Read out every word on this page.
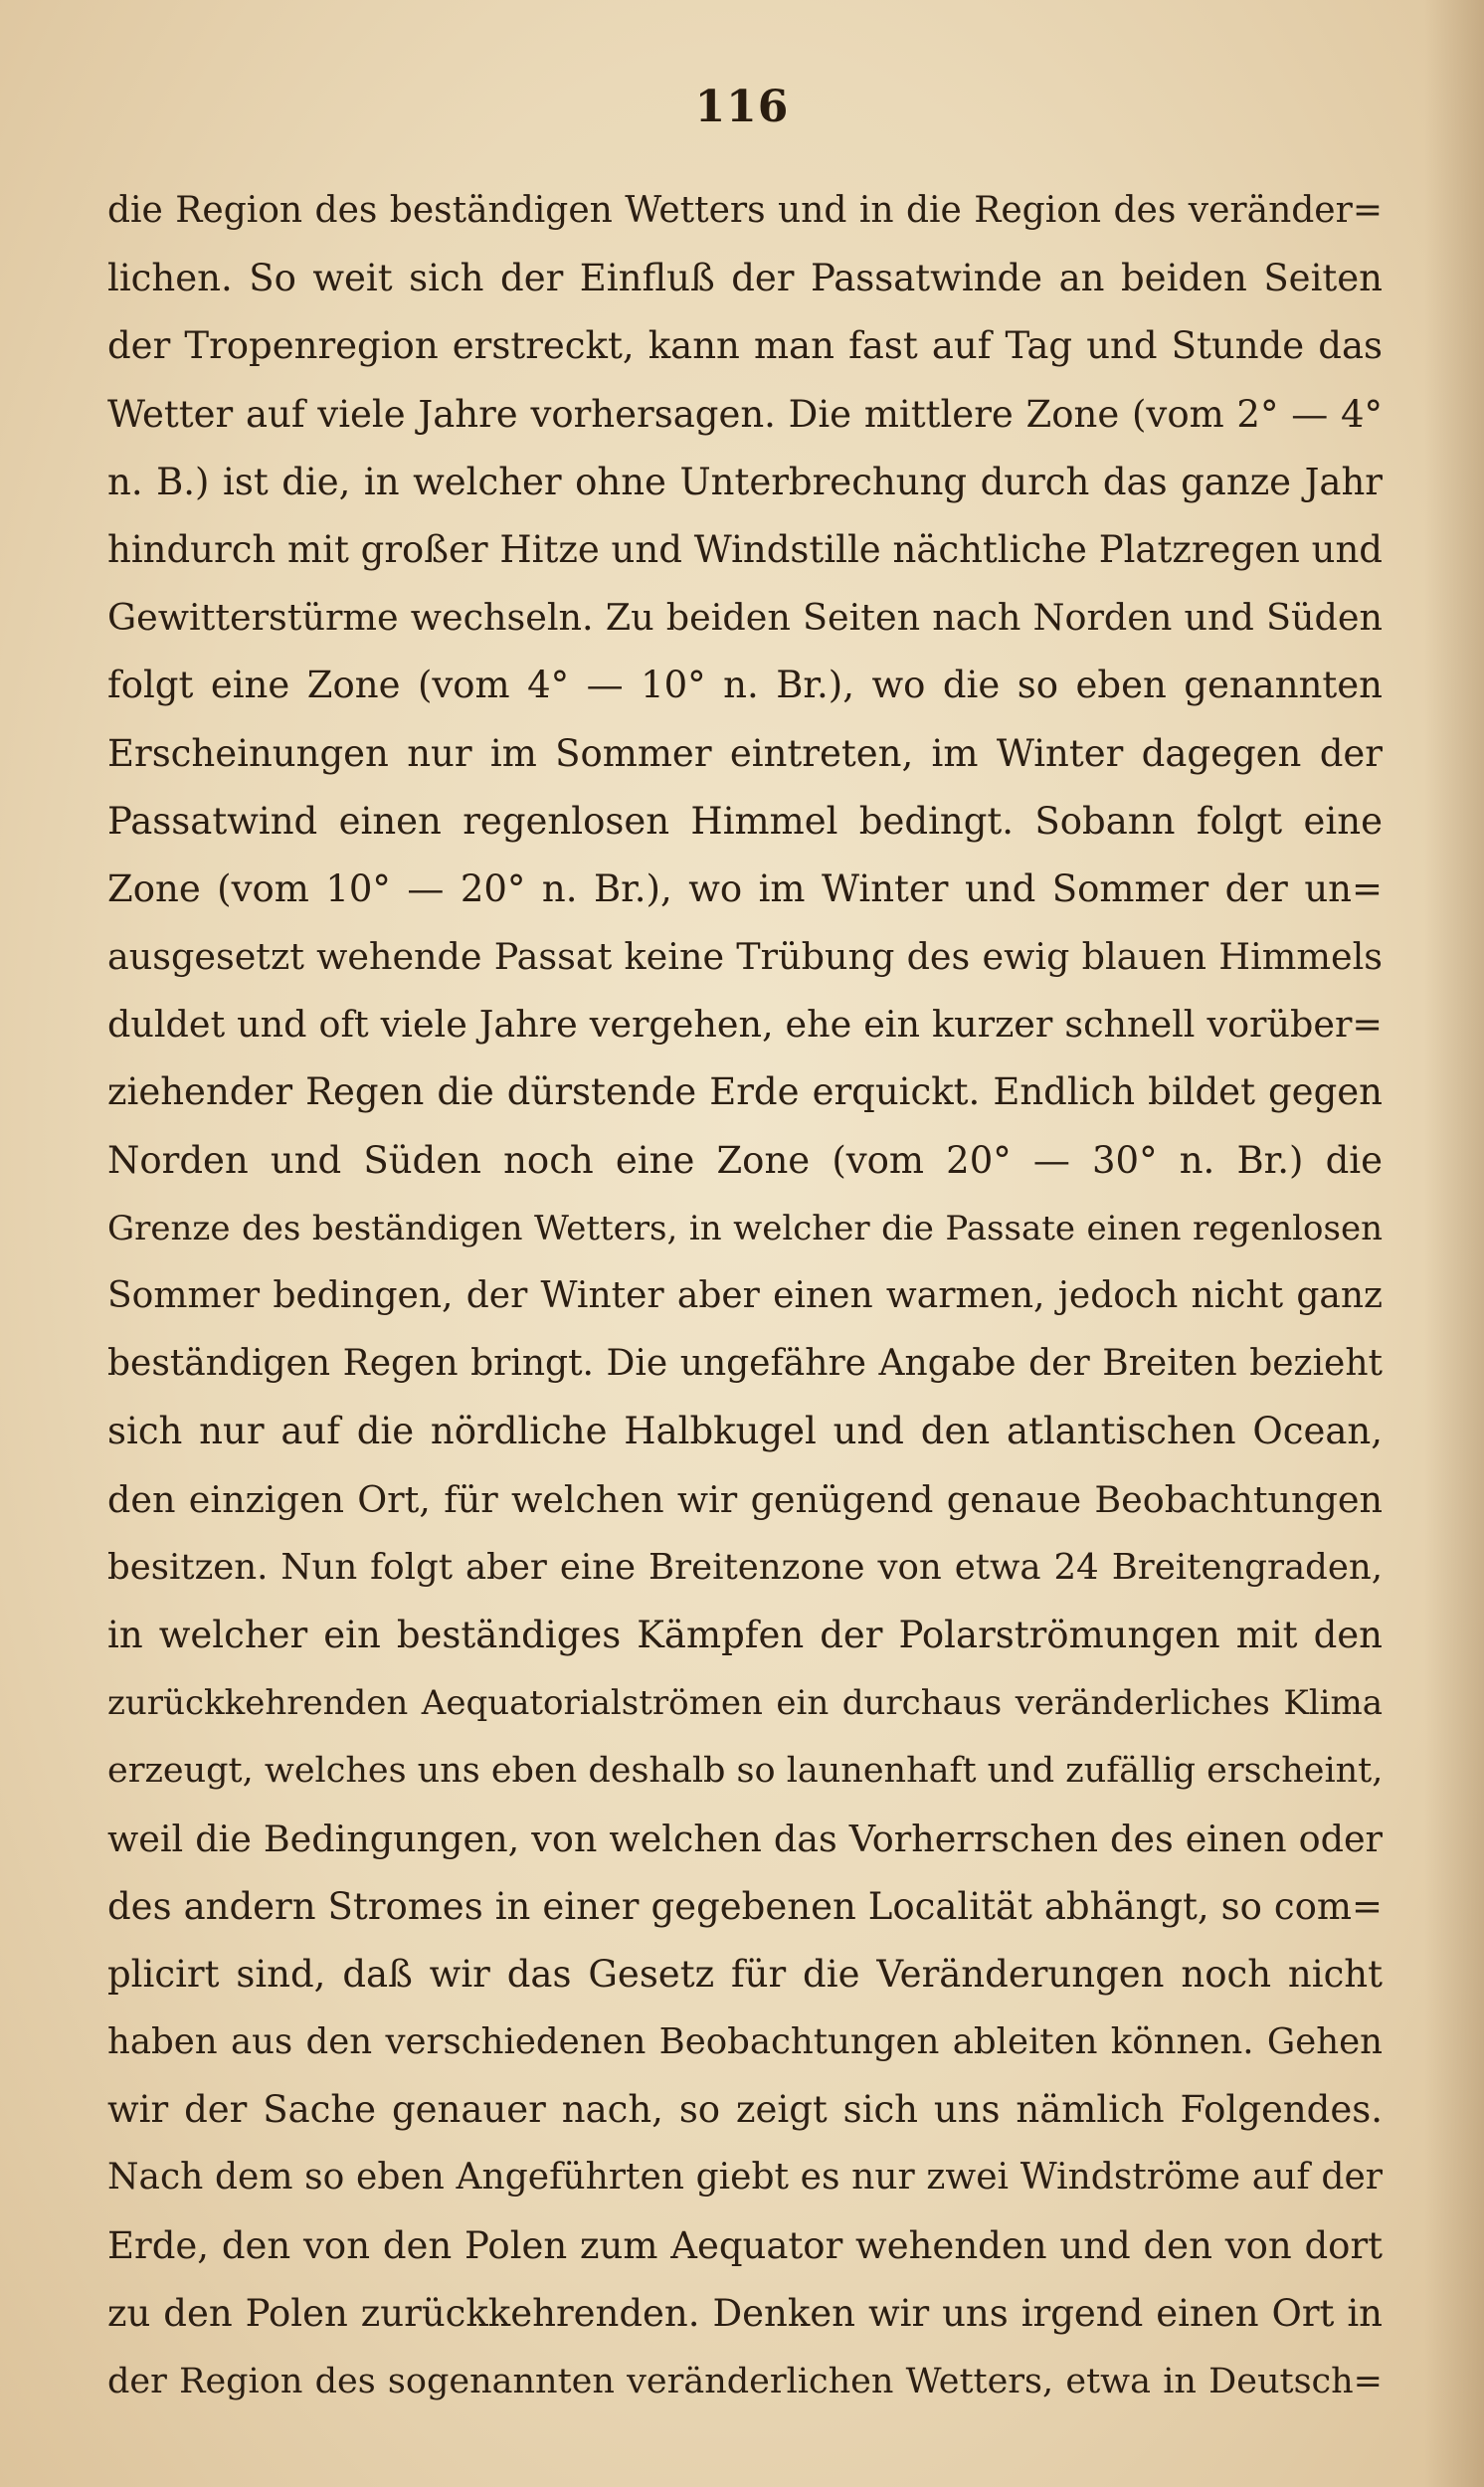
116
die Region des beständigen Wetters und in die Region des veränder=
lichen. So weit sich der Einfluß der Passatwinde an beiden Seiten
der Tropenregion erstreckt, kann man fast auf Tag und Stunde das
Wetter auf viele Jahre vorhersagen. Die mittlere Zone (vom 2° — 4°
n. B.) ist die, in welcher ohne Unterbrechung durch das ganze Jahr
hindurch mit großer Hitze und Windstille nächtliche Platzregen und
Gewitterstürme wechseln. Zu beiden Seiten nach Norden und Süden
folgt eine Zone (vom 4° — 10° n. Br.), wo die so eben genannten
Erscheinungen nur im Sommer eintreten, im Winter dagegen der
Passatwind einen regenlosen Himmel bedingt. Sobann folgt eine
Zone (vom 10° — 20° n. Br.), wo im Winter und Sommer der un=
ausgesetzt wehende Passat keine Trübung des ewig blauen Himmels
duldet und oft viele Jahre vergehen, ehe ein kurzer schnell vorüber=
ziehender Regen die dürstende Erde erquickt. Endlich bildet gegen
Norden und Süden noch eine Zone (vom 20° — 30° n. Br.) die
Grenze des beständigen Wetters, in welcher die Passate einen regenlosen
Sommer bedingen, der Winter aber einen warmen, jedoch nicht ganz
beständigen Regen bringt. Die ungefähre Angabe der Breiten bezieht
sich nur auf die nördliche Halbkugel und den atlantischen Ocean,
den einzigen Ort, für welchen wir genügend genaue Beobachtungen
besitzen. Nun folgt aber eine Breitenzone von etwa 24 Breitengraden,
in welcher ein beständiges Kämpfen der Polarströmungen mit den
zurückkehrenden Aequatorialströmen ein durchaus veränderliches Klima
erzeugt, welches uns eben deshalb so launenhaft und zufällig erscheint,
weil die Bedingungen, von welchen das Vorherrschen des einen oder
des andern Stromes in einer gegebenen Localität abhängt, so com=
plicirt sind, daß wir das Gesetz für die Veränderungen noch nicht
haben aus den verschiedenen Beobachtungen ableiten können. Gehen
wir der Sache genauer nach, so zeigt sich uns nämlich Folgendes.
Nach dem so eben Angeführten giebt es nur zwei Windströme auf der
Erde, den von den Polen zum Aequator wehenden und den von dort
zu den Polen zurückkehrenden. Denken wir uns irgend einen Ort in
der Region des sogenannten veränderlichen Wetters, etwa in Deutsch=
